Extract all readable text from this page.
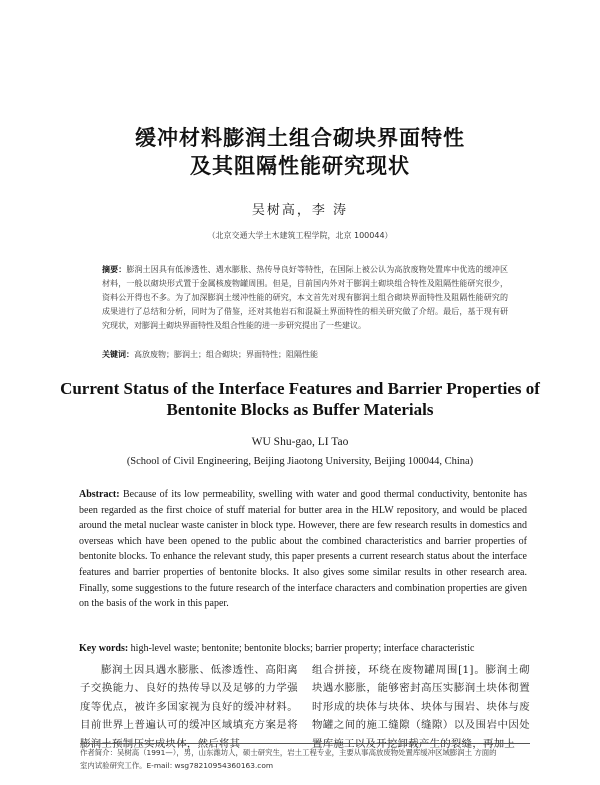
缓冲材料膨润土组合砌块界面特性
及其阻隔性能研究现状
吴树高，李 涛
（北京交通大学土木建筑工程学院，北京 100044）
摘要：膨润土因具有低渗透性、遇水膨胀、热传导良好等特性，在国际上被公认为高放废物处置库中优选的缓冲区材料，一般以砌块形式置于金属核废物罐周围。但是，目前国内外对于膨润土砌块组合特性及阻隔性能研究很少，资料公开得也不多。为了加深膨润土缓冲性能的研究，本文首先对现有膨润土组合砌块界面特性及阻隔性能研究的成果进行了总结和分析，同时为了借鉴，还对其他岩石和混凝土界面特性的相关研究做了介绍。最后，基于现有研究现状，对膨润土砌块界面特性及组合性能的进一步研究提出了一些建议。
关键词：高放废物；膨润土；组合砌块；界面特性；阻隔性能
Current Status of the Interface Features and Barrier Properties of
Bentonite Blocks as Buffer Materials
WU Shu-gao, LI Tao
(School of Civil Engineering, Beijing Jiaotong University, Beijing 100044, China)
Abstract: Because of its low permeability, swelling with water and good thermal conductivity, bentonite has been regarded as the first choice of stuff material for butter area in the HLW repository, and would be placed around the metal nuclear waste canister in block type. However, there are few research results in domestics and overseas which have been opened to the public about the combined characteristics and barrier properties of bentonite blocks. To enhance the relevant study, this paper presents a current research status about the interface features and barrier properties of bentonite blocks. It also gives some similar results in other research area. Finally, some suggestions to the future research of the interface characters and combination properties are given on the basis of the work in this paper.
Key words: high-level waste; bentonite; bentonite blocks; barrier property; interface characteristic
膨润土因具遇水膨胀、低渗透性、高阳离子交换能力、良好的热传导以及足够的力学强度等优点，被许多国家视为良好的缓冲材料。目前世界上普遍认可的缓冲区域填充方案是将膨润土预制压实成块体，然后将其
组合拼接，环绕在废物罐周围[1]。膨润土砌块遇水膨胀，能够密封高压实膨润土块体彻置时形成的块体与块体、块体与围岩、块体与废物罐之间的施工缝隙（缝隙）以及围岩中因处置库施工以及开挖卸载产生的裂缝，再加上
作者简介：吴树高（1991—），男，山东潍坊人，硕士研究生，岩土工程专业，主要从事高放废物处置库缓冲区域膨润土 方面的
室内试验研究工作。E-mail: wsg78210954360163.com
